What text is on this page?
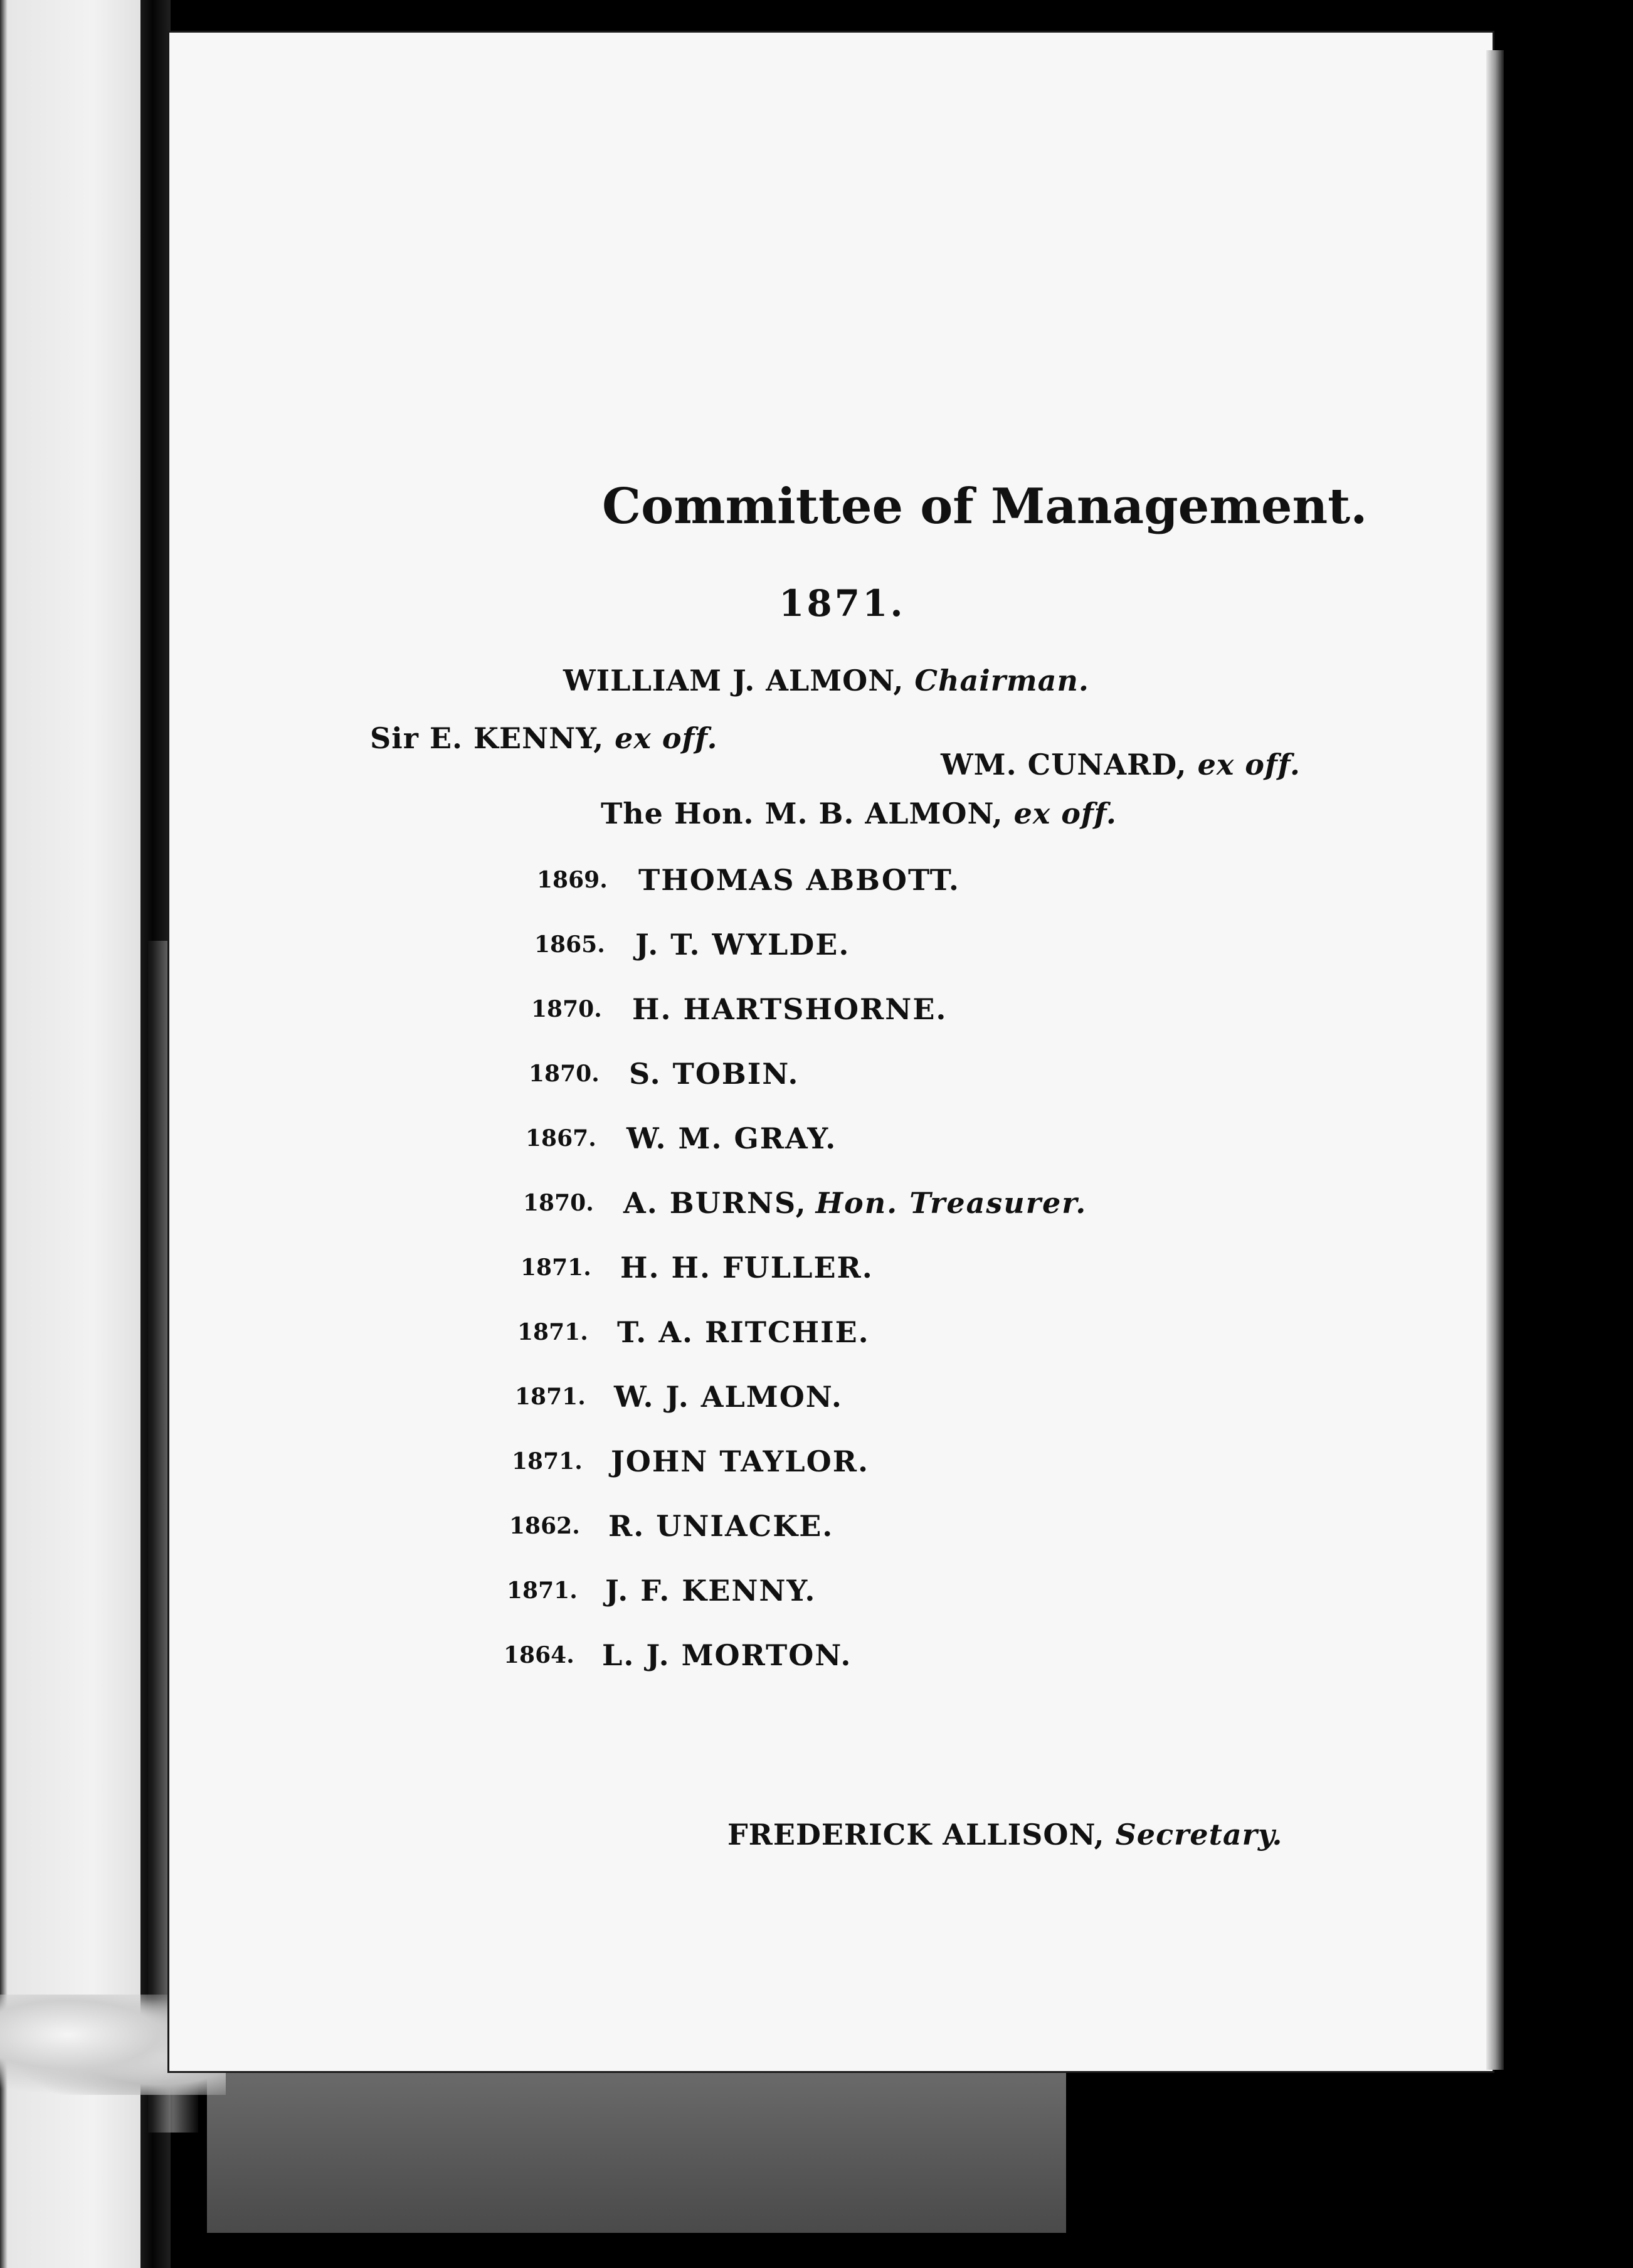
Committee of Management.
1871.
WILLIAM J. ALMON, Chairman.
Sir E. KENNY, ex off.
WM. CUNARD, ex off.
The Hon. M. B. ALMON, ex off.
1869. THOMAS ABBOTT.
1865. J. T. WYLDE.
1870. H. HARTSHORNE.
1870. S. TOBIN.
1867. W. M. GRAY.
1870. A. BURNS, Hon. Treasurer.
1871. H. H. FULLER.
1871. T. A. RITCHIE.
1871. W. J. ALMON.
1871. JOHN TAYLOR.
1862. R. UNIACKE.
1871. J. F. KENNY.
1864. L. J. MORTON.
FREDERICK ALLISON, Secretary.
